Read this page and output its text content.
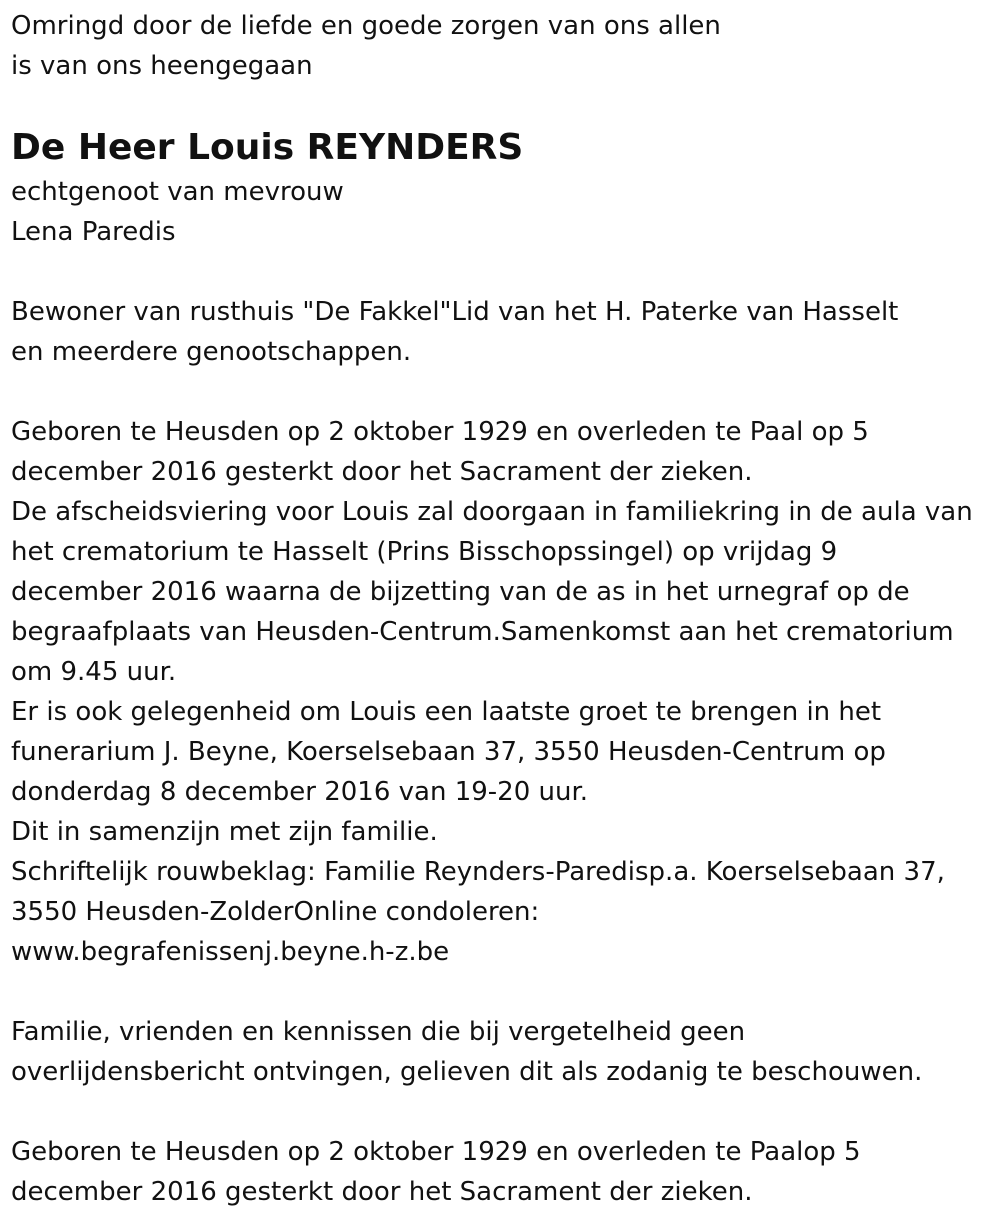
Omringd door de liefde en goede zorgen van ons allen
is van ons heengegaan
De Heer Louis REYNDERS
echtgenoot van mevrouw
Lena Paredis
Bewoner van rusthuis "De Fakkel"Lid van het H. Paterke van Hasselt
en meerdere genootschappen.
Geboren te Heusden op 2 oktober 1929 en overleden te Paal op 5
december 2016 gesterkt door het Sacrament der zieken.
De afscheidsviering voor Louis zal doorgaan in familiekring in de aula van
het crematorium te Hasselt (Prins Bisschopssingel) op vrijdag 9
december 2016 waarna de bijzetting van de as in het urnegraf op de
begraafplaats van Heusden-Centrum.Samenkomst aan het crematorium
om 9.45 uur.
Er is ook gelegenheid om Louis een laatste groet te brengen in het
funerarium J. Beyne, Koerselsebaan 37, 3550 Heusden-Centrum op
donderdag 8 december 2016 van 19-20 uur.
Dit in samenzijn met zijn familie.
Schriftelijk rouwbeklag: Familie Reynders-Paredisp.a. Koerselsebaan 37,
3550 Heusden-ZolderOnline condoleren:
www.begrafenissenj.beyne.h-z.be
Familie, vrienden en kennissen die bij vergetelheid geen
overlijdensbericht ontvingen, gelieven dit als zodanig te beschouwen.
Geboren te Heusden op 2 oktober 1929 en overleden te Paalop 5
december 2016 gesterkt door het Sacrament der zieken.
